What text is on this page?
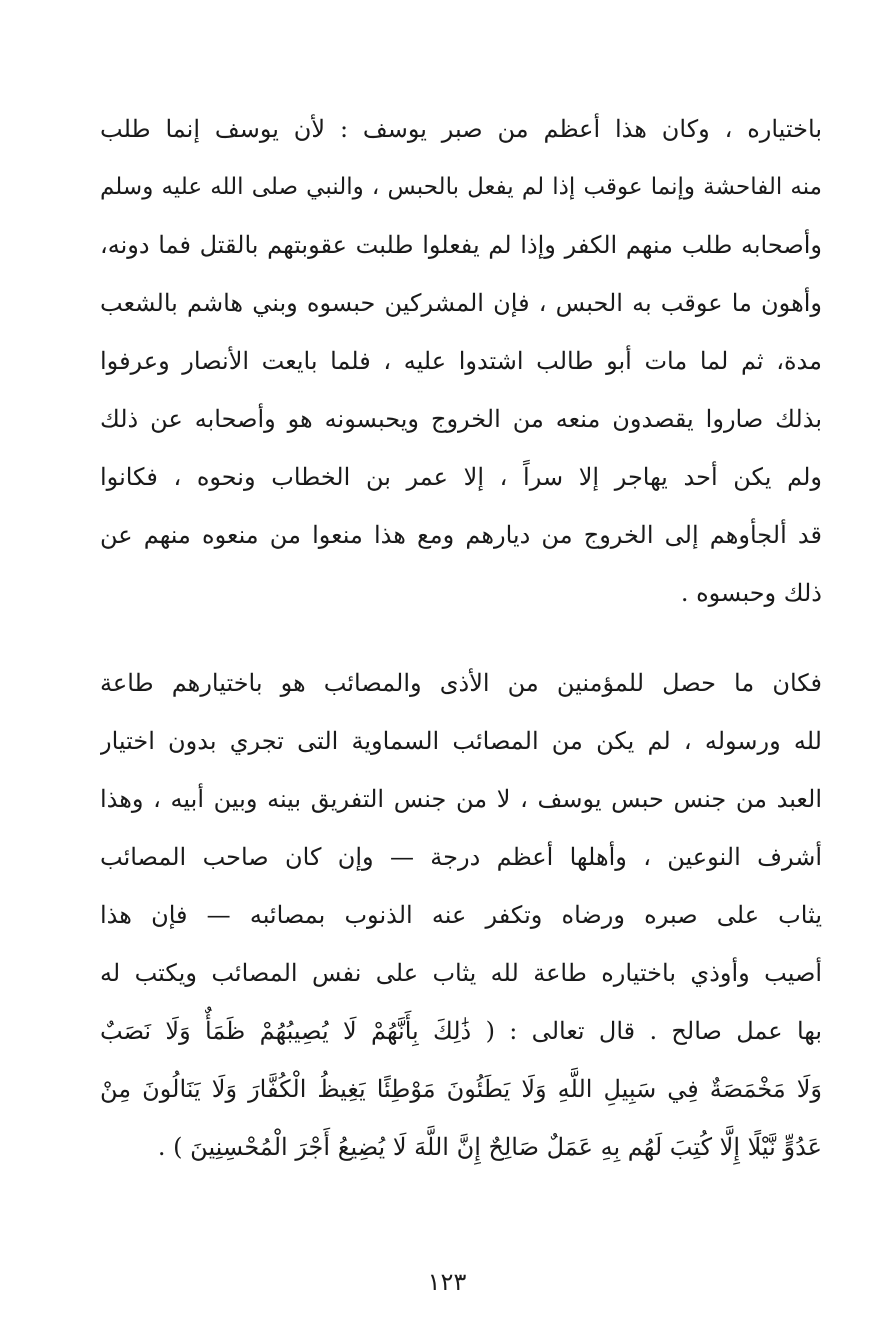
باختياره ، وكان هذا أعظم من صبر يوسف : لأن يوسف إنما طلب
منه الفاحشة وإنما عوقب إذا لم يفعل بالحبس ، والنبي صلى الله عليه وسلم
وأصحابه طلب منهم الكفر وإذا لم يفعلوا طلبت عقوبتهم بالقتل فما دونه،
وأهون ما عوقب به الحبس ، فإن المشركين حبسوه وبني هاشم بالشعب
مدة، ثم لما مات أبو طالب اشتدوا عليه ، فلما بايعت الأنصار وعرفوا
بذلك صاروا يقصدون منعه من الخروج ويحبسونه هو وأصحابه عن ذلك
ولم يكن أحد يهاجر إلا سراً ، إلا عمر بن الخطاب ونحوه ، فكانوا
قد ألجأوهم إلى الخروج من ديارهم ومع هذا منعوا من منعوه منهم عن
ذلك وحبسوه .
فكان ما حصل للمؤمنين من الأذى والمصائب هو باختيارهم طاعة
لله ورسوله ، لم يكن من المصائب السماوية التى تجري بدون اختيار
العبد من جنس حبس يوسف ، لا من جنس التفريق بينه وبين أبيه ، وهذا
أشرف النوعين ، وأهلها أعظم درجة — وإن كان صاحب المصائب
يثاب على صبره ورضاه وتكفر عنه الذنوب بمصائبه — فإن هذا
أصيب وأوذي باختياره طاعة لله يثاب على نفس المصائب ويكتب له
بها عمل صالح . قال تعالى : ( ذَٰلِكَ بِأَنَّهُمْ لَا يُصِيبُهُمْ ظَمَأٌ وَلَا نَصَبٌ
وَلَا مَخْمَصَةٌ فِي سَبِيلِ اللَّهِ وَلَا يَطَئُونَ مَوْطِئًا يَغِيظُ الْكُفَّارَ وَلَا يَنَالُونَ مِنْ
عَدُوٍّ نَّيْلًا إِلَّا كُتِبَ لَهُم بِهِ عَمَلٌ صَالِحٌ إِنَّ اللَّهَ لَا يُضِيعُ أَجْرَ الْمُحْسِنِينَ ) .
١٢٣
